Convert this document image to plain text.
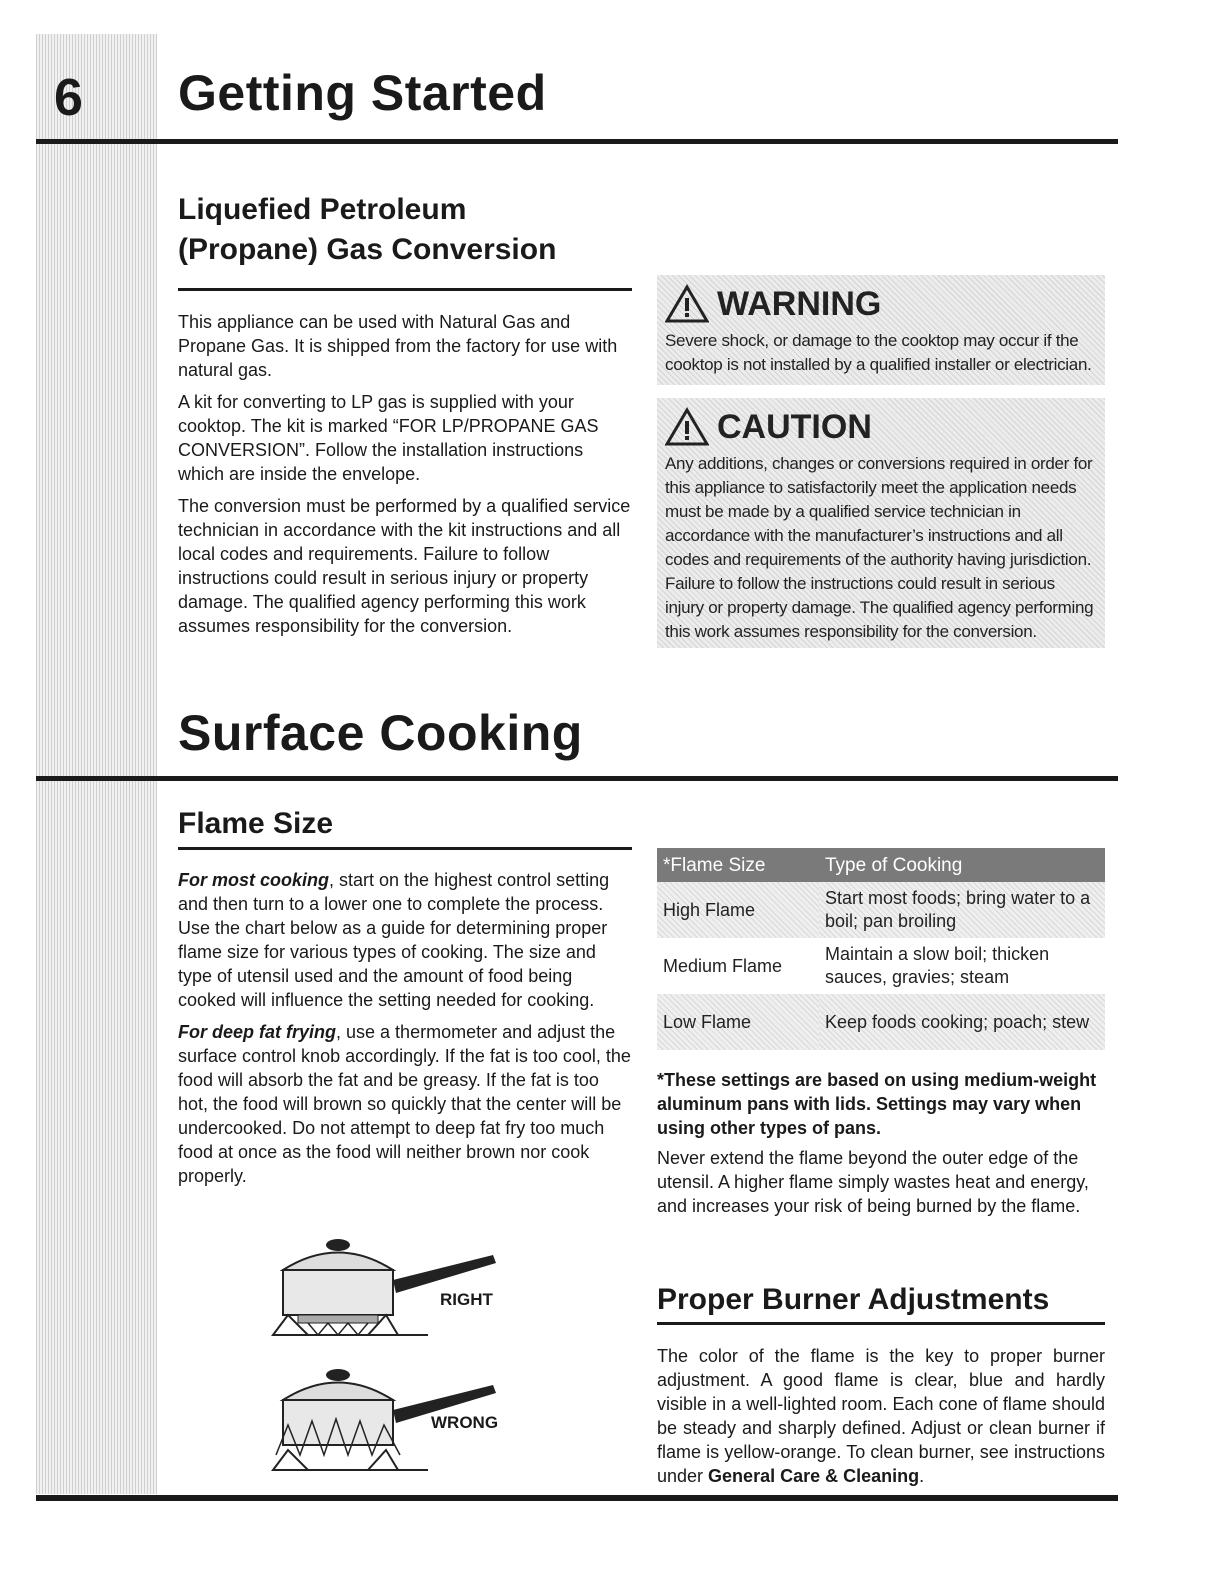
6 Getting Started
Liquefied Petroleum
(Propane) Gas Conversion

This appliance can be used with Natural Gas and Propane Gas. It is shipped from the factory for use with natural gas.

A kit for converting to LP gas is supplied with your cooktop. The kit is marked “FOR LP/PROPANE GAS CONVERSION”. Follow the installation instructions which are inside the envelope.

The conversion must be performed by a qualified service technician in accordance with the kit instructions and all local codes and requirements. Failure to follow instructions could result in serious injury or property damage. The qualified agency performing this work assumes responsibility for the conversion.

WARNING
Severe shock, or damage to the cooktop may occur if the cooktop is not installed by a qualified installer or electrician.
CAUTION
Any additions, changes or conversions required in order for this appliance to satisfactorily meet the application needs must be made by a qualified service technician in accordance with the manufacturer’s instructions and all codes and requirements of the authority having jurisdiction. Failure to follow the instructions could result in serious injury or property damage. The qualified agency performing this work assumes responsibility for the conversion.
Surface Cooking
Flame Size

For most cooking, start on the highest control setting and then turn to a lower one to complete the process. Use the chart below as a guide for determining proper flame size for various types of cooking. The size and type of utensil used and the amount of food being cooked will influence the setting needed for cooking.

For deep fat frying, use a thermometer and adjust the surface control knob accordingly. If the fat is too cool, the food will absorb the fat and be greasy. If the fat is too hot, the food will brown so quickly that the center will be undercooked. Do not attempt to deep fat fry too much food at once as the food will neither brown nor cook properly.

RIGHT
WRONG
*Flame Size	Type of Cooking
High Flame	Start most foods; bring water to a boil; pan broiling
Medium Flame	Maintain a slow boil; thicken sauces, gravies; steam
Low Flame	Keep foods cooking; poach; stew
*These settings are based on using medium-weight aluminum pans with lids. Settings may vary when using other types of pans.
Never extend the flame beyond the outer edge of the utensil. A higher flame simply wastes heat and energy, and increases your risk of being burned by the flame.
Proper Burner Adjustments
The color of the flame is the key to proper burner adjustment. A good flame is clear, blue and hardly visible in a well-lighted room. Each cone of flame should be steady and sharply defined. Adjust or clean burner if flame is yellow-orange. To clean burner, see instructions under General Care & Cleaning.
